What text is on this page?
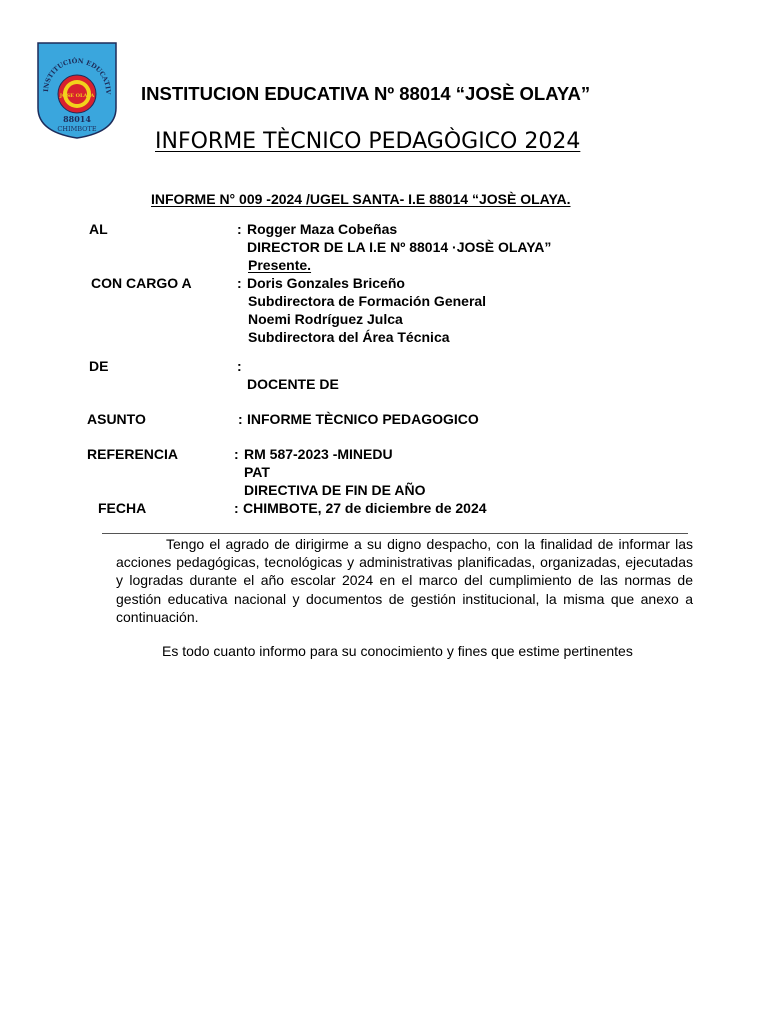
INSTITUCIÓN EDUCATIV
JOSE OLAYA
88014
CHIMBOTE
INSTITUCION EDUCATIVA Nº 88014 “JOSÈ OLAYA”
INFORME TÈCNICO PEDAGÒGICO 2024
INFORME N° 009 -2024 /UGEL SANTA- I.E 88014 “JOSÈ OLAYA.
AL	: Rogger Maza Cobeñas
DIRECTOR DE LA I.E Nº 88014 ·JOSÈ OLAYA”
Presente.
CON CARGO A	: Doris Gonzales Briceño
Subdirectora de Formación General
Noemi Rodríguez Julca
Subdirectora del Área Técnica
DE	:
DOCENTE DE
ASUNTO	: INFORME TÈCNICO PEDAGOGICO
REFERENCIA	: RM 587-2023 -MINEDU
PAT
DIRECTIVA DE FIN DE AÑO
FECHA	: CHIMBOTE, 27 de diciembre de 2024
Tengo el agrado de dirigirme a su digno despacho, con la finalidad de informar las acciones pedagógicas, tecnológicas y administrativas planificadas, organizadas, ejecutadas y logradas durante el año escolar 2024 en el marco del cumplimiento de las normas de gestión educativa nacional y documentos de gestión institucional, la misma que anexo a continuación.
Es todo cuanto informo para su conocimiento y fines que estime pertinentes
